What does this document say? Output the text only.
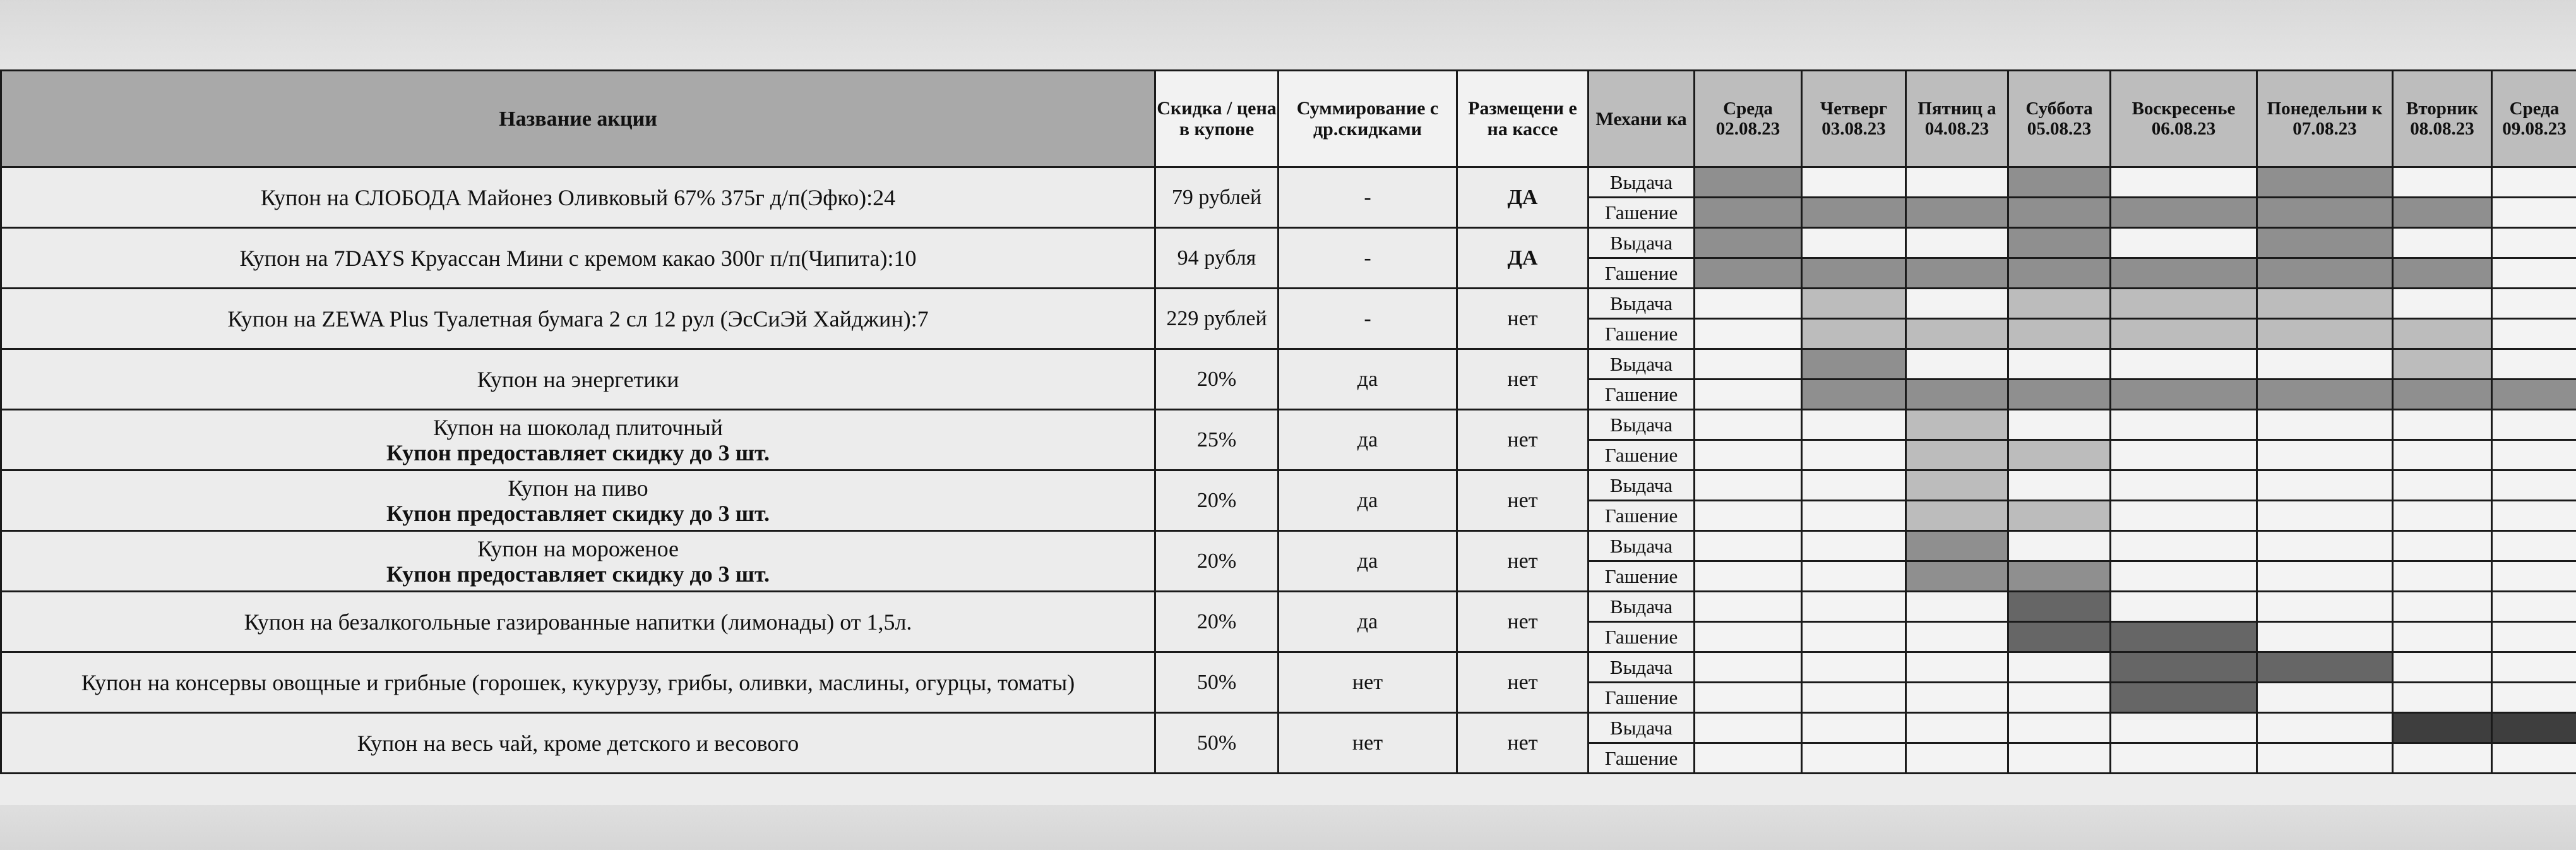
Название акции	Скидка / цена в купоне	Суммирование с др.скидками	Размещени е на кассе	Механи ка	Среда 02.08.23	Четверг 03.08.23	Пятниц а 04.08.23	Суббота 05.08.23	Воскресенье 06.08.23	Понедельни к 07.08.23	Вторник 08.08.23	Среда 09.08.23

Купон на СЛОБОДА Майонез Оливковый 67% 375г д/п(Эфко):24	79 рублей	-	ДА	Выдача								
				Гашение								

Купон на 7DAYS Круассан Мини с кремом какао 300г п/п(Чипита):10	94 рубля	-	ДА	Выдача								
				Гашение								

Купон на ZEWA Plus Туалетная бумага 2 сл 12 рул (ЭсСиЭй Хайджин):7	229 рублей	-	нет	Выдача								
				Гашение								

Купон на энергетики	20%	да	нет	Выдача								
				Гашение								

Купон на шоколад плиточный
Купон предоставляет скидку до 3 шт.	25%	да	нет	Выдача								
				Гашение								

Купон на пиво
Купон предоставляет скидку до 3 шт.	20%	да	нет	Выдача								
				Гашение								

Купон на мороженое
Купон предоставляет скидку до 3 шт.	20%	да	нет	Выдача								
				Гашение								

Купон на безалкогольные газированные напитки (лимонады) от 1,5л.	20%	да	нет	Выдача								
				Гашение								

Купон на консервы овощные и грибные (горошек, кукурузу, грибы, оливки, маслины, огурцы, томаты)	50%	нет	нет	Выдача								
				Гашение								

Купон на весь чай, кроме детского и весового	50%	нет	нет	Выдача								
				Гашение								
